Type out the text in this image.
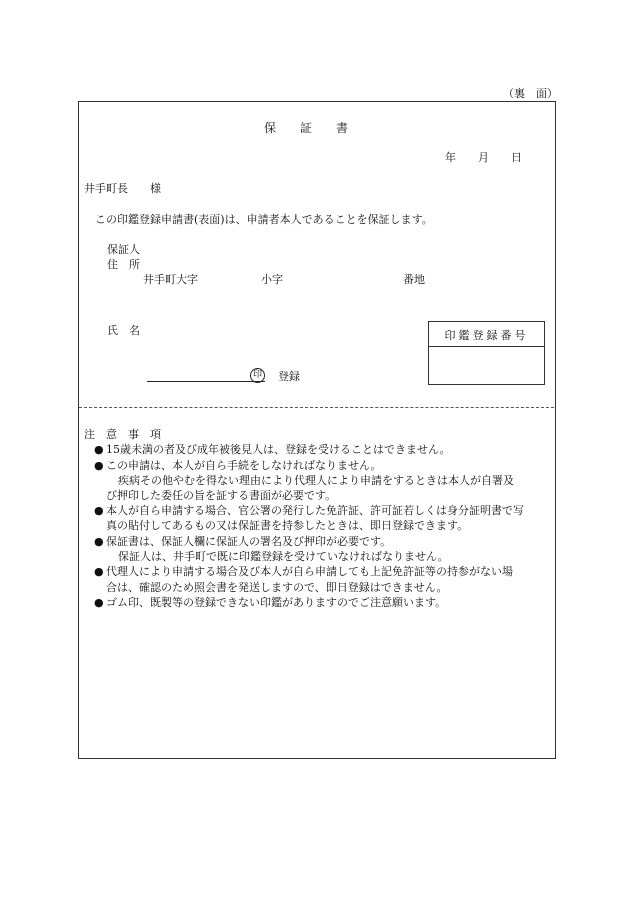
（裏　面）
保　　証　　書
年　　月　　日
井手町長　　様
この印鑑登録申請書(表面)は、申請者本人であることを保証します。
保証人
住　所
井手町大字	小字	番地
氏　名	印鑑登録番号
印 登録
注　意　事　項
● 15歳未満の者及び成年被後見人は、登録を受けることはできません。
● この申請は、本人が自ら手続をしなければなりません。
疾病その他やむを得ない理由により代理人により申請をするときは本人が自署及
び押印した委任の旨を証する書面が必要です。
● 本人が自ら申請する場合、官公署の発行した免許証、許可証若しくは身分証明書で写
真の貼付してあるもの又は保証書を持参したときは、即日登録できます。
● 保証書は、保証人欄に保証人の署名及び押印が必要です。
保証人は、井手町で既に印鑑登録を受けていなければなりません。
● 代理人により申請する場合及び本人が自ら申請しても上記免許証等の持参がない場
合は、確認のため照会書を発送しますので、即日登録はできません。
● ゴム印、既製等の登録できない印鑑がありますのでご注意願います。
